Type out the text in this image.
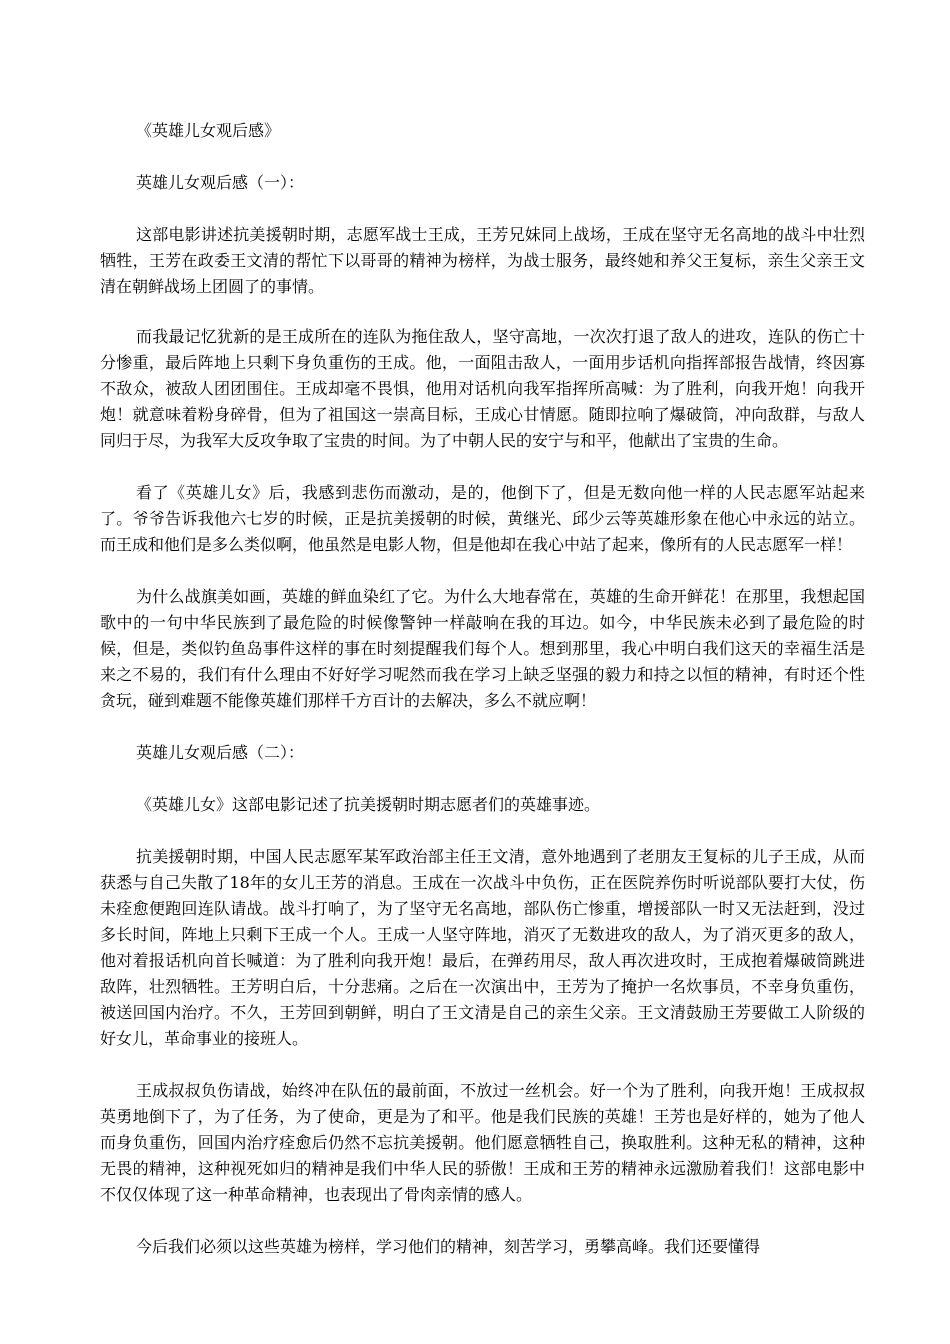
《英雄儿女观后感》
英雄儿女观后感（一）：

这部电影讲述抗美援朝时期，志愿军战士王成，王芳兄妹同上战场，王成在坚守无名高地的战斗中壮烈牺牲，王芳在政委王文清的帮忙下以哥哥的精神为榜样，为战士服务，最终她和养父王复标，亲生父亲王文清在朝鲜战场上团圆了的事情。

而我最记忆犹新的是王成所在的连队为拖住敌人，坚守高地，一次次打退了敌人的进攻，连队的伤亡十分惨重，最后阵地上只剩下身负重伤的王成。他，一面阻击敌人，一面用步话机向指挥部报告战情，终因寡不敌众，被敌人团团围住。王成却毫不畏惧，他用对话机向我军指挥所高喊：为了胜利，向我开炮！向我开炮！就意味着粉身碎骨，但为了祖国这一崇高目标，王成心甘情愿。随即拉响了爆破筒，冲向敌群，与敌人同归于尽，为我军大反攻争取了宝贵的时间。为了中朝人民的安宁与和平，他献出了宝贵的生命。

看了《英雄儿女》后，我感到悲伤而激动，是的，他倒下了，但是无数向他一样的人民志愿军站起来了。爷爷告诉我他六七岁的时候，正是抗美援朝的时候，黄继光、邱少云等英雄形象在他心中永远的站立。而王成和他们是多么类似啊，他虽然是电影人物，但是他却在我心中站了起来，像所有的人民志愿军一样！

为什么战旗美如画，英雄的鲜血染红了它。为什么大地春常在，英雄的生命开鲜花！在那里，我想起国歌中的一句中华民族到了最危险的时候像警钟一样敲响在我的耳边。如今，中华民族未必到了最危险的时候，但是，类似钓鱼岛事件这样的事在时刻提醒我们每个人。想到那里，我心中明白我们这天的幸福生活是来之不易的，我们有什么理由不好好学习呢然而我在学习上缺乏坚强的毅力和持之以恒的精神，有时还个性贪玩，碰到难题不能像英雄们那样千方百计的去解决，多么不就应啊！

英雄儿女观后感（二）：

《英雄儿女》这部电影记述了抗美援朝时期志愿者们的英雄事迹。

抗美援朝时期，中国人民志愿军某军政治部主任王文清，意外地遇到了老朋友王复标的儿子王成，从而获悉与自己失散了18年的女儿王芳的消息。王成在一次战斗中负伤，正在医院养伤时听说部队要打大仗，伤未痊愈便跑回连队请战。战斗打响了，为了坚守无名高地，部队伤亡惨重，增援部队一时又无法赶到，没过多长时间，阵地上只剩下王成一个人。王成一人坚守阵地，消灭了无数进攻的敌人，为了消灭更多的敌人，他对着报话机向首长喊道：为了胜利向我开炮！最后，在弹药用尽，敌人再次进攻时，王成抱着爆破筒跳进敌阵，壮烈牺牲。王芳明白后，十分悲痛。之后在一次演出中，王芳为了掩护一名炊事员，不幸身负重伤，被送回国内治疗。不久，王芳回到朝鲜，明白了王文清是自己的亲生父亲。王文清鼓励王芳要做工人阶级的好女儿，革命事业的接班人。

王成叔叔负伤请战，始终冲在队伍的最前面，不放过一丝机会。好一个为了胜利，向我开炮！王成叔叔英勇地倒下了，为了任务，为了使命，更是为了和平。他是我们民族的英雄！王芳也是好样的，她为了他人而身负重伤，回国内治疗痊愈后仍然不忘抗美援朝。他们愿意牺牲自己，换取胜利。这种无私的精神，这种无畏的精神，这种视死如归的精神是我们中华人民的骄傲！王成和王芳的精神永远激励着我们！这部电影中不仅仅体现了这一种革命精神，也表现出了骨肉亲情的感人。

今后我们必须以这些英雄为榜样，学习他们的精神，刻苦学习，勇攀高峰。我们还要懂得
